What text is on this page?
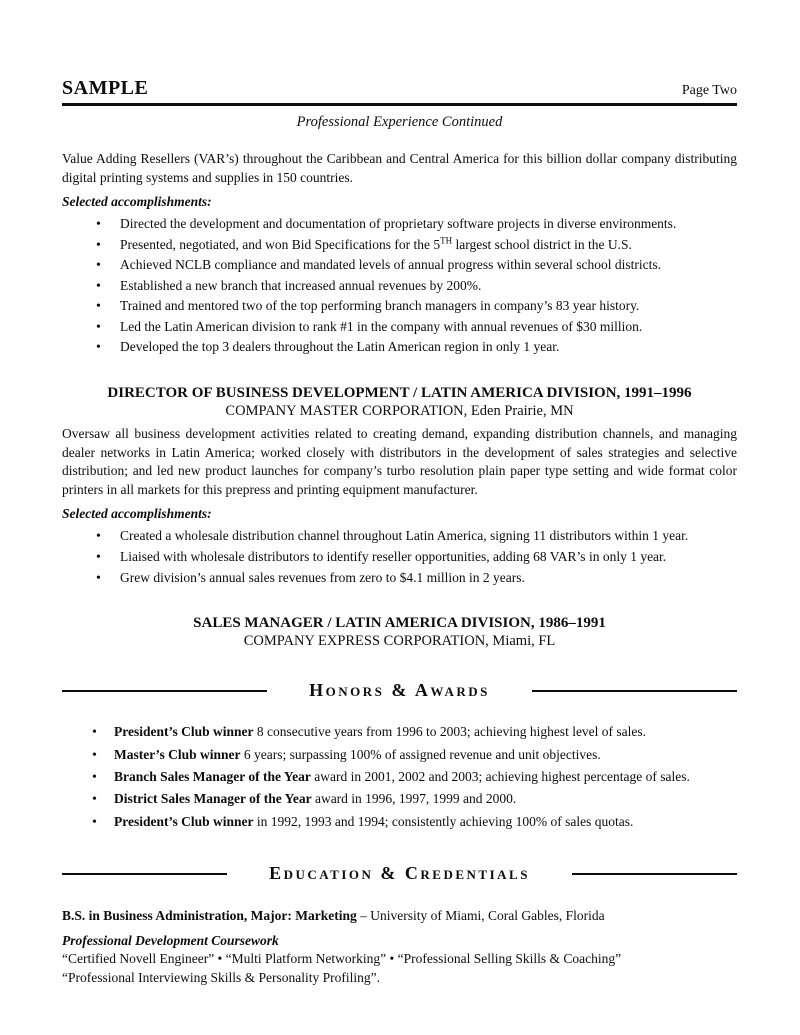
SAMPLE	Page Two
Professional Experience Continued

Value Adding Resellers (VAR’s) throughout the Caribbean and Central America for this billion dollar company distributing digital printing systems and supplies in 150 countries.

Selected accomplishments:

• Directed the development and documentation of proprietary software projects in diverse environments.
• Presented, negotiated, and won Bid Specifications for the 5TH largest school district in the U.S.
• Achieved NCLB compliance and mandated levels of annual progress within several school districts.
• Established a new branch that increased annual revenues by 200%.
• Trained and mentored two of the top performing branch managers in company’s 83 year history.
• Led the Latin American division to rank #1 in the company with annual revenues of $30 million.
• Developed the top 3 dealers throughout the Latin American region in only 1 year.
DIRECTOR OF BUSINESS DEVELOPMENT / LATIN AMERICA DIVISION, 1991–1996
COMPANY MASTER CORPORATION, Eden Prairie, MN

Oversaw all business development activities related to creating demand, expanding distribution channels, and managing dealer networks in Latin America; worked closely with distributors in the development of sales strategies and selective distribution; and led new product launches for company’s turbo resolution plain paper type setting and wide format color printers in all markets for this prepress and printing equipment manufacturer.

Selected accomplishments:

• Created a wholesale distribution channel throughout Latin America, signing 11 distributors within 1 year.
• Liaised with wholesale distributors to identify reseller opportunities, adding 68 VAR’s in only 1 year.
• Grew division’s annual sales revenues from zero to $4.1 million in 2 years.
SALES MANAGER / LATIN AMERICA DIVISION, 1986–1991
COMPANY EXPRESS CORPORATION, Miami, FL
Honors & Awards
• President’s Club winner 8 consecutive years from 1996 to 2003; achieving highest level of sales.
• Master’s Club winner 6 years; surpassing 100% of assigned revenue and unit objectives.
• Branch Sales Manager of the Year award in 2001, 2002 and 2003; achieving highest percentage of sales.
• District Sales Manager of the Year award in 1996, 1997, 1999 and 2000.
• President’s Club winner in 1992, 1993 and 1994; consistently achieving 100% of sales quotas.
Education & Credentials

B.S. in Business Administration, Major: Marketing – University of Miami, Coral Gables, Florida

Professional Development Coursework

“Certified Novell Engineer” • “Multi Platform Networking” • “Professional Selling Skills & Coaching”

“Professional Interviewing Skills & Personality Profiling”.
